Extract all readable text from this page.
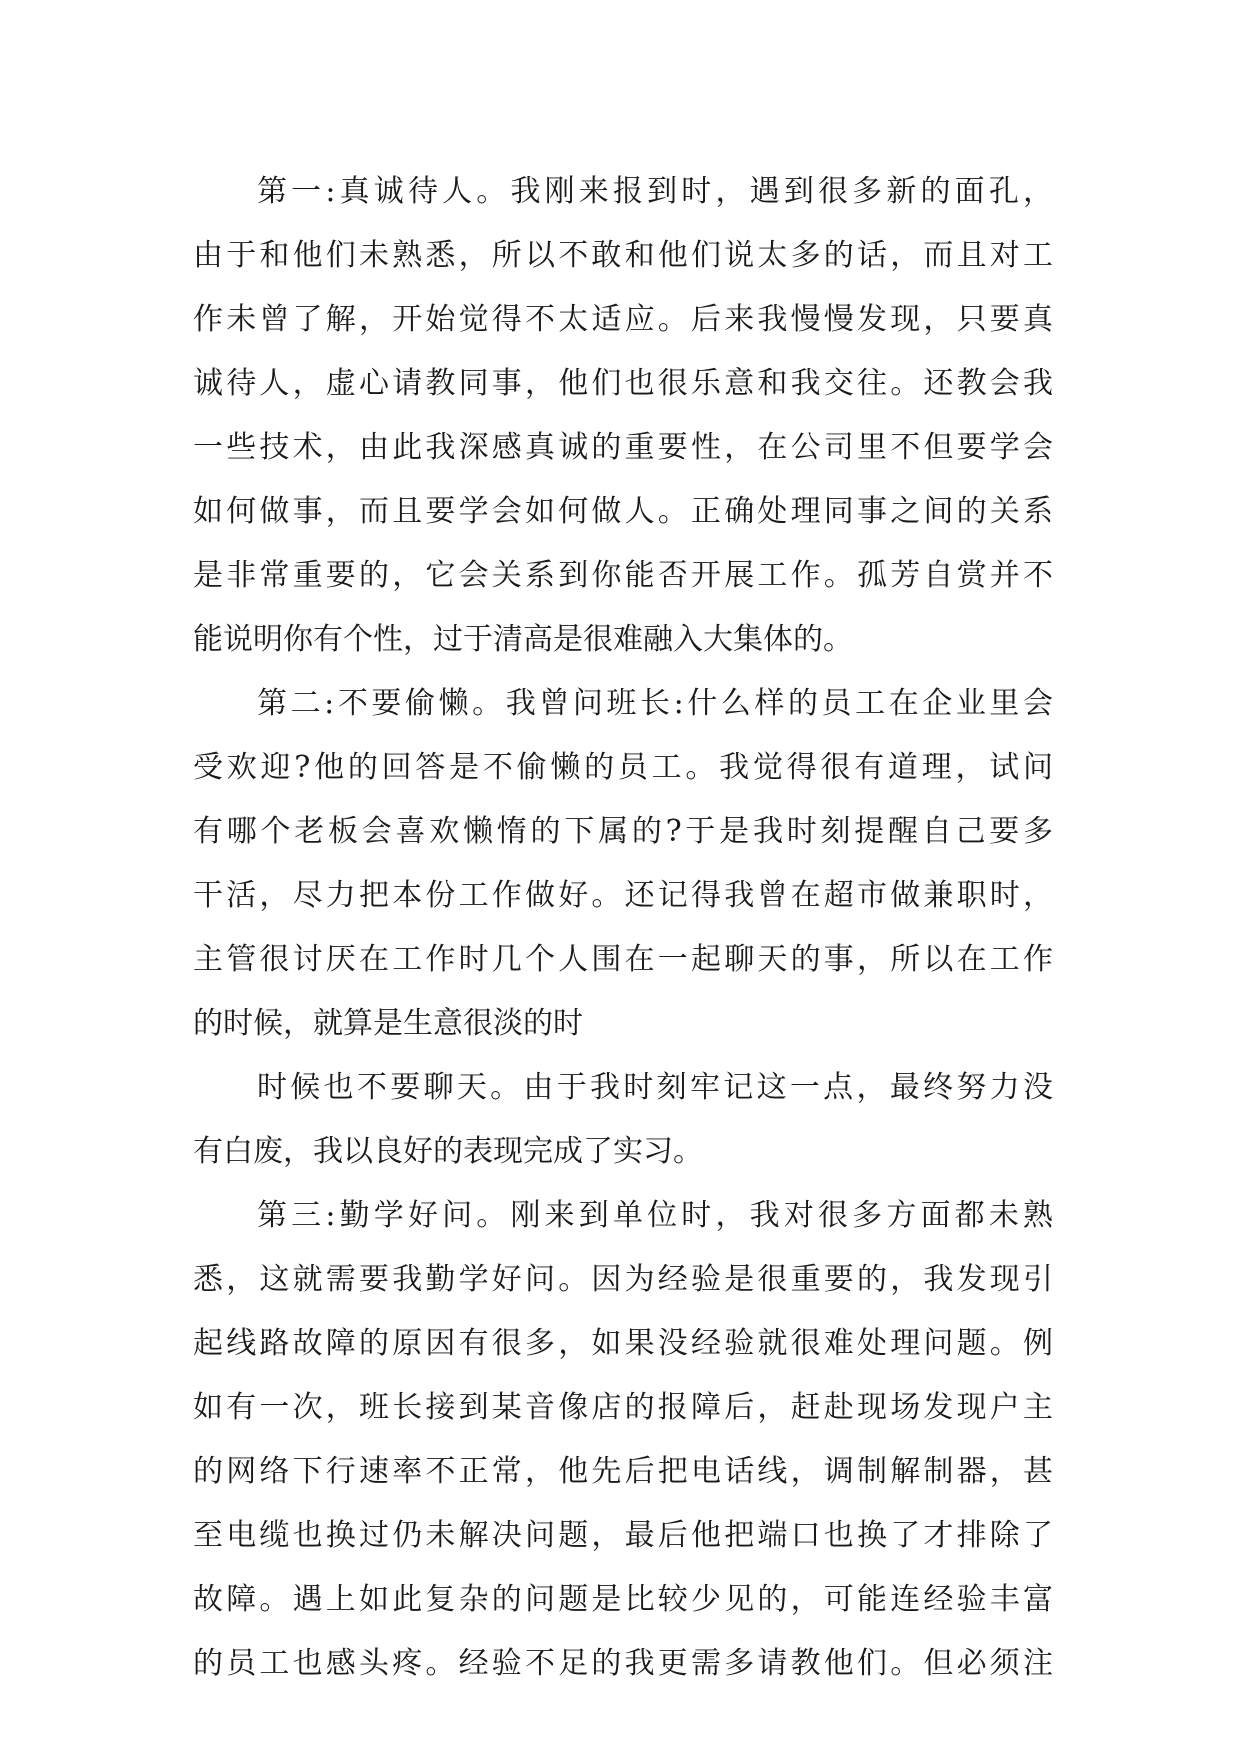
第一:真诚待人。我刚来报到时，遇到很多新的面孔，
由于和他们未熟悉，所以不敢和他们说太多的话，而且对工
作未曾了解，开始觉得不太适应。后来我慢慢发现，只要真
诚待人，虚心请教同事，他们也很乐意和我交往。还教会我
一些技术，由此我深感真诚的重要性，在公司里不但要学会
如何做事，而且要学会如何做人。正确处理同事之间的关系
是非常重要的，它会关系到你能否开展工作。孤芳自赏并不
能说明你有个性，过于清高是很难融入大集体的。
第二:不要偷懒。我曾问班长:什么样的员工在企业里会
受欢迎?他的回答是不偷懒的员工。我觉得很有道理，试问
有哪个老板会喜欢懒惰的下属的?于是我时刻提醒自己要多
干活，尽力把本份工作做好。还记得我曾在超市做兼职时，
主管很讨厌在工作时几个人围在一起聊天的事，所以在工作
的时候，就算是生意很淡的时
时候也不要聊天。由于我时刻牢记这一点，最终努力没
有白废，我以良好的表现完成了实习。
第三:勤学好问。刚来到单位时，我对很多方面都未熟
悉，这就需要我勤学好问。因为经验是很重要的，我发现引
起线路故障的原因有很多，如果没经验就很难处理问题。例
如有一次，班长接到某音像店的报障后，赶赴现场发现户主
的网络下行速率不正常，他先后把电话线，调制解制器，甚
至电缆也换过仍未解决问题，最后他把端口也换了才排除了
故障。遇上如此复杂的问题是比较少见的，可能连经验丰富
的员工也感头疼。经验不足的我更需多请教他们。但必须注
